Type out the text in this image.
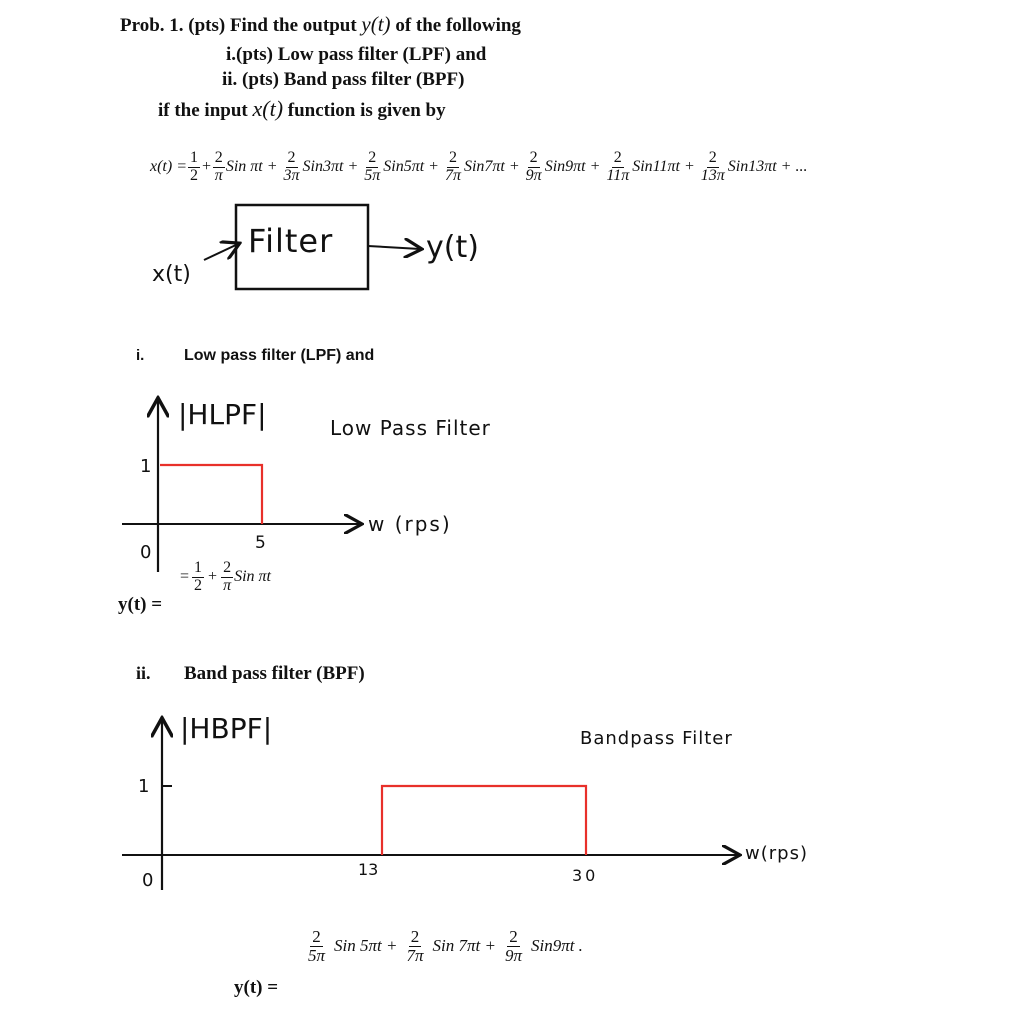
Prob. 1. (pts) Find the output y(t) of the following
i.(pts) Low pass filter (LPF) and
ii. (pts) Band pass filter (BPF)
if the input x(t) function is given by
$x(t) = \frac{1}{2} + \frac{2}{\pi}$ Sin $\pi t + \frac{2}{3\pi} Sin3\pi t + \frac{2}{5\pi} Sin5\pi t + \frac{2}{7\pi} Sin7\pi t + \frac{2}{9\pi} Sin9\pi t + \frac{2}{11\pi} Sin11\pi t + \frac{2}{13\pi} Sin13\pi t$ + ...
x(t)
Filter	y(t)
i. Low pass filter (LPF) and
|HLPF|	Low Pass Filter
1
w (rps)
0	5
= $\frac{1}{2} + \frac{2}{\pi}$ Sin πt
y(t) =
ii. Band pass filter (BPF)
|HBPF|	Bandpass Filter
1
w(rps)
0
13	30
$\frac{2}{5\pi}$ Sin $5\pi t + \frac{2}{7\pi}$ Sin $7\pi t + \frac{2}{9\pi} Sin9\pi t$ .
y(t) =
